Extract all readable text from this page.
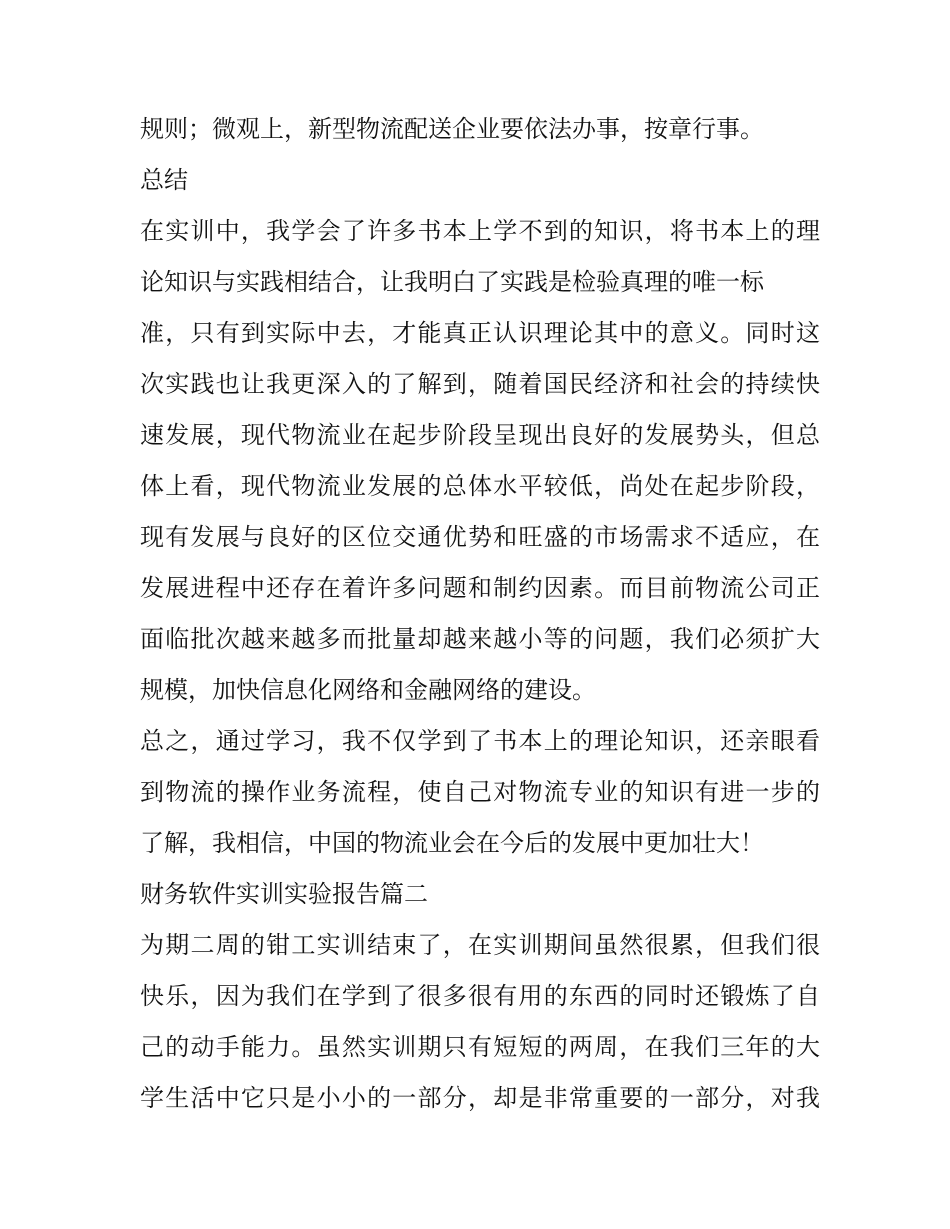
规则；微观上，新型物流配送企业要依法办事，按章行事。
总结
在实训中，我学会了许多书本上学不到的知识，将书本上的理
论知识与实践相结合，让我明白了实践是检验真理的唯一标
准，只有到实际中去，才能真正认识理论其中的意义。同时这
次实践也让我更深入的了解到，随着国民经济和社会的持续快
速发展，现代物流业在起步阶段呈现出良好的发展势头，但总
体上看，现代物流业发展的总体水平较低，尚处在起步阶段，
现有发展与良好的区位交通优势和旺盛的市场需求不适应，在
发展进程中还存在着许多问题和制约因素。而目前物流公司正
面临批次越来越多而批量却越来越小等的问题，我们必须扩大
规模，加快信息化网络和金融网络的建设。
总之，通过学习，我不仅学到了书本上的理论知识，还亲眼看
到物流的操作业务流程，使自己对物流专业的知识有进一步的
了解，我相信，中国的物流业会在今后的发展中更加壮大！
财务软件实训实验报告篇二
为期二周的钳工实训结束了，在实训期间虽然很累，但我们很
快乐，因为我们在学到了很多很有用的东西的同时还锻炼了自
己的动手能力。虽然实训期只有短短的两周，在我们三年的大
学生活中它只是小小的一部分，却是非常重要的一部分，对我
